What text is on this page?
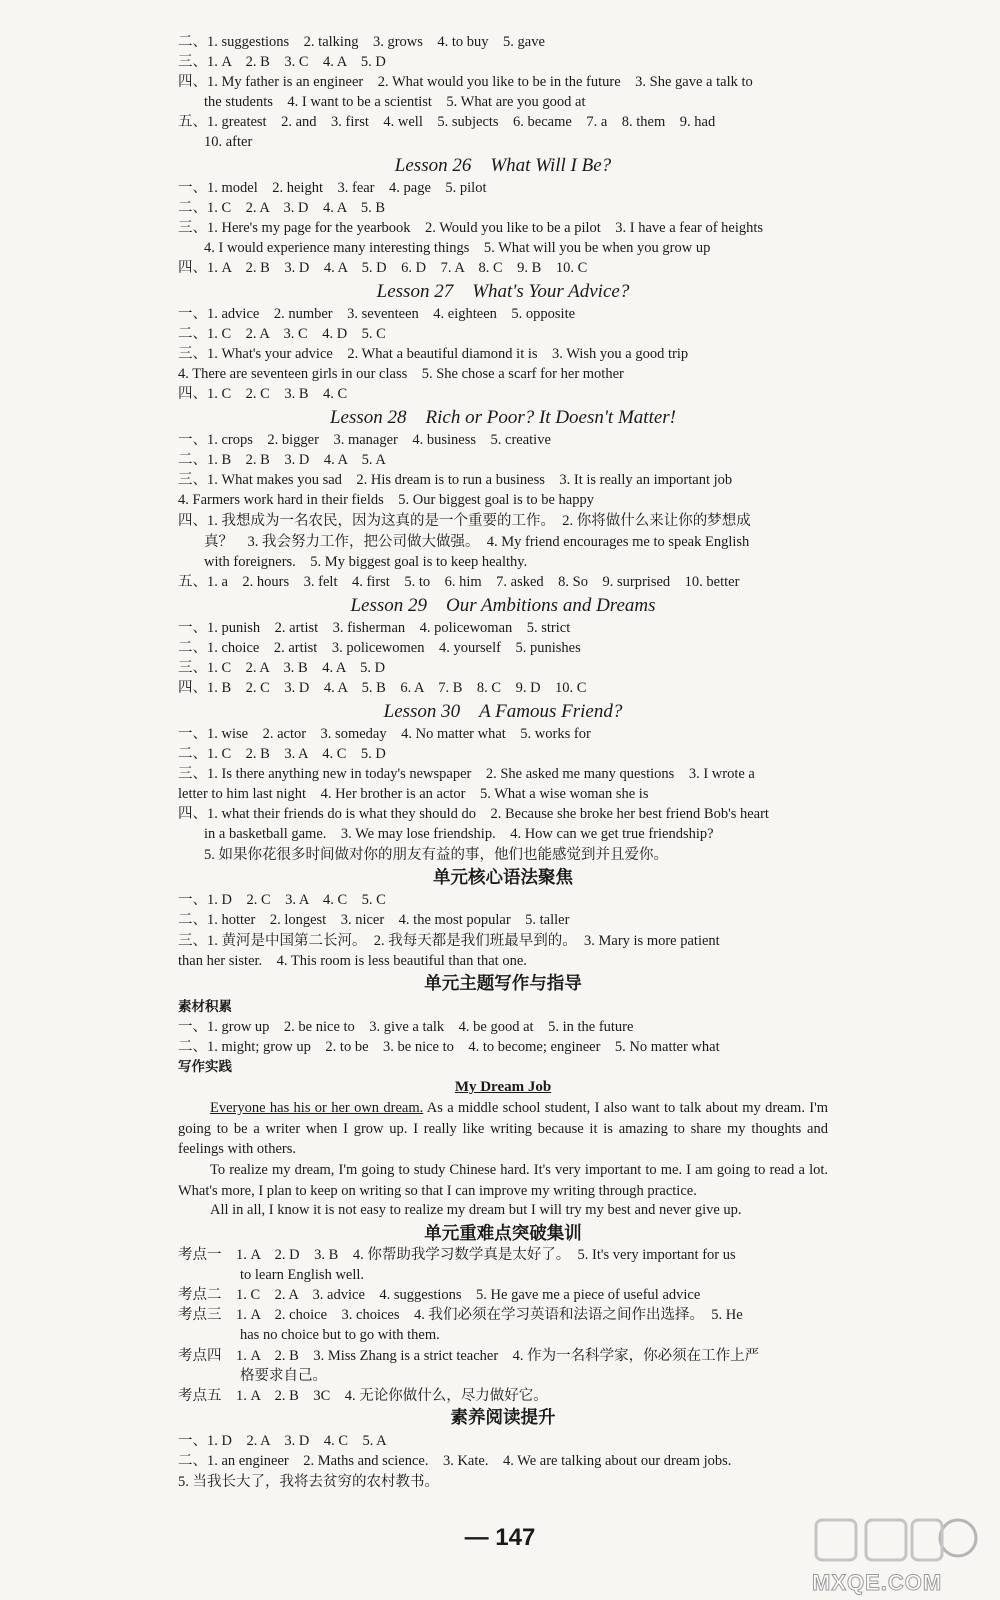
二、1. suggestions　2. talking　3. grows　4. to buy　5. gave
三、1. A　2. B　3. C　4. A　5. D
四、1. My father is an engineer　2. What would you like to be in the future　3. She gave a talk to
the students　4. I want to be a scientist　5. What are you good at
五、1. greatest　2. and　3. first　4. well　5. subjects　6. became　7. a　8. them　9. had
10. after
Lesson 26　What Will I Be?
一、1. model　2. height　3. fear　4. page　5. pilot
二、1. C　2. A　3. D　4. A　5. B
三、1. Here's my page for the yearbook　2. Would you like to be a pilot　3. I have a fear of heights
4. I would experience many interesting things　5. What will you be when you grow up
四、1. A　2. B　3. D　4. A　5. D　6. D　7. A　8. C　9. B　10. C
Lesson 27　What's Your Advice?
一、1. advice　2. number　3. seventeen　4. eighteen　5. opposite
二、1. C　2. A　3. C　4. D　5. C
三、1. What's your advice　2. What a beautiful diamond it is　3. Wish you a good trip
4. There are seventeen girls in our class　5. She chose a scarf for her mother
四、1. C　2. C　3. B　4. C
Lesson 28　Rich or Poor? It Doesn't Matter!
一、1. crops　2. bigger　3. manager　4. business　5. creative
二、1. B　2. B　3. D　4. A　5. A
三、1. What makes you sad　2. His dream is to run a business　3. It is really an important job
4. Farmers work hard in their fields　5. Our biggest goal is to be happy
四、1. 我想成为一名农民，因为这真的是一个重要的工作。　2. 你将做什么来让你的梦想成
真？　3. 我会努力工作，把公司做大做强。　4. My friend encourages me to speak English
with foreigners.　5. My biggest goal is to keep healthy.
五、1. a　2. hours　3. felt　4. first　5. to　6. him　7. asked　8. So　9. surprised　10. better
Lesson 29　Our Ambitions and Dreams
一、1. punish　2. artist　3. fisherman　4. policewoman　5. strict
二、1. choice　2. artist　3. policewomen　4. yourself　5. punishes
三、1. C　2. A　3. B　4. A　5. D
四、1. B　2. C　3. D　4. A　5. B　6. A　7. B　8. C　9. D　10. C
Lesson 30　A Famous Friend?
一、1. wise　2. actor　3. someday　4. No matter what　5. works for
二、1. C　2. B　3. A　4. C　5. D
三、1. Is there anything new in today's newspaper　2. She asked me many questions　3. I wrote a
letter to him last night　4. Her brother is an actor　5. What a wise woman she is
四、1. what their friends do is what they should do　2. Because she broke her best friend Bob's heart
in a basketball game.　3. We may lose friendship.　4. How can we get true friendship?
5. 如果你花很多时间做对你的朋友有益的事，他们也能感觉到并且爱你。
单元核心语法聚焦
一、1. D　2. C　3. A　4. C　5. C
二、1. hotter　2. longest　3. nicer　4. the most popular　5. taller
三、1. 黄河是中国第二长河。　2. 我每天都是我们班最早到的。　3. Mary is more patient
than her sister.　4. This room is less beautiful than that one.
单元主题写作与指导
素材积累
一、1. grow up　2. be nice to　3. give a talk　4. be good at　5. in the future
二、1. might; grow up　2. to be　3. be nice to　4. to become; engineer　5. No matter what
写作实践
My Dream Job
Everyone has his or her own dream. As a middle school student, I also want to talk about my dream. I'm going to be a writer when I grow up. I really like writing because it is amazing to share my thoughts and feelings with others.
To realize my dream, I'm going to study Chinese hard. It's very important to me. I am going to read a lot. What's more, I plan to keep on writing so that I can improve my writing through practice.
All in all, I know it is not easy to realize my dream but I will try my best and never give up.
单元重难点突破集训
考点一　1. A　2. D　3. B　4. 你帮助我学习数学真是太好了。　5. It's very important for us
to learn English well.
考点二　1. C　2. A　3. advice　4. suggestions　5. He gave me a piece of useful advice
考点三　1. A　2. choice　3. choices　4. 我们必须在学习英语和法语之间作出选择。　5. He
has no choice but to go with them.
考点四　1. A　2. B　3. Miss Zhang is a strict teacher　4. 作为一名科学家，你必须在工作上严
格要求自己。
考点五　1. A　2. B　3C　4. 无论你做什么，尽力做好它。
素养阅读提升
一、1. D　2. A　3. D　4. C　5. A
二、1. an engineer　2. Maths and science.　3. Kate.　4. We are talking about our dream jobs.
5. 当我长大了，我将去贫穷的农村教书。
— 147
MXQE.COM
